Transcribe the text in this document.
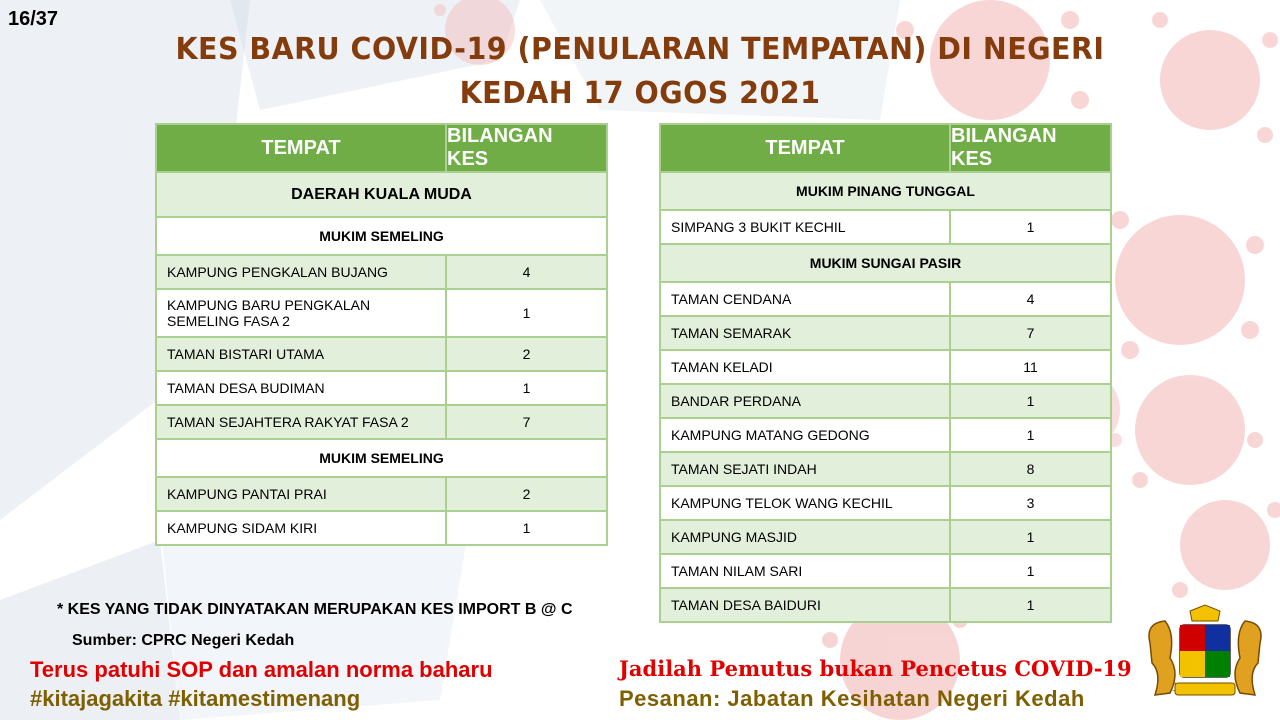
16/37
KES BARU COVID-19 (PENULARAN TEMPATAN) DI NEGERI
KEDAH 17 OGOS 2021
TEMPAT	BILANGAN KES
DAERAH KUALA MUDA	
MUKIM SEMELING	
KAMPUNG PENGKALAN BUJANG	4
KAMPUNG BARU PENGKALAN
SEMELING FASA 2	1
TAMAN BISTARI UTAMA	2
TAMAN DESA BUDIMAN	1
TAMAN SEJAHTERA RAKYAT FASA 2	7
MUKIM SEMELING	
KAMPUNG PANTAI PRAI	2
KAMPUNG SIDAM KIRI	1
TEMPAT	BILANGAN KES
MUKIM PINANG TUNGGAL	
SIMPANG 3 BUKIT KECHIL	1
MUKIM SUNGAI PASIR	
TAMAN CENDANA	4
TAMAN SEMARAK	7
TAMAN KELADI	11
BANDAR PERDANA	1
KAMPUNG MATANG GEDONG	1
TAMAN SEJATI INDAH	8
KAMPUNG TELOK WANG KECHIL	3
KAMPUNG MASJID	1
TAMAN NILAM SARI	1
TAMAN DESA BAIDURI	1
* KES YANG TIDAK DINYATAKAN MERUPAKAN KES IMPORT B @ C
Sumber: CPRC Negeri Kedah
Terus patuhi SOP dan amalan norma baharu
#kitajagakita #kitamestimenang
Jadilah Pemutus bukan Pencetus COVID-19
Pesanan: Jabatan Kesihatan Negeri Kedah
